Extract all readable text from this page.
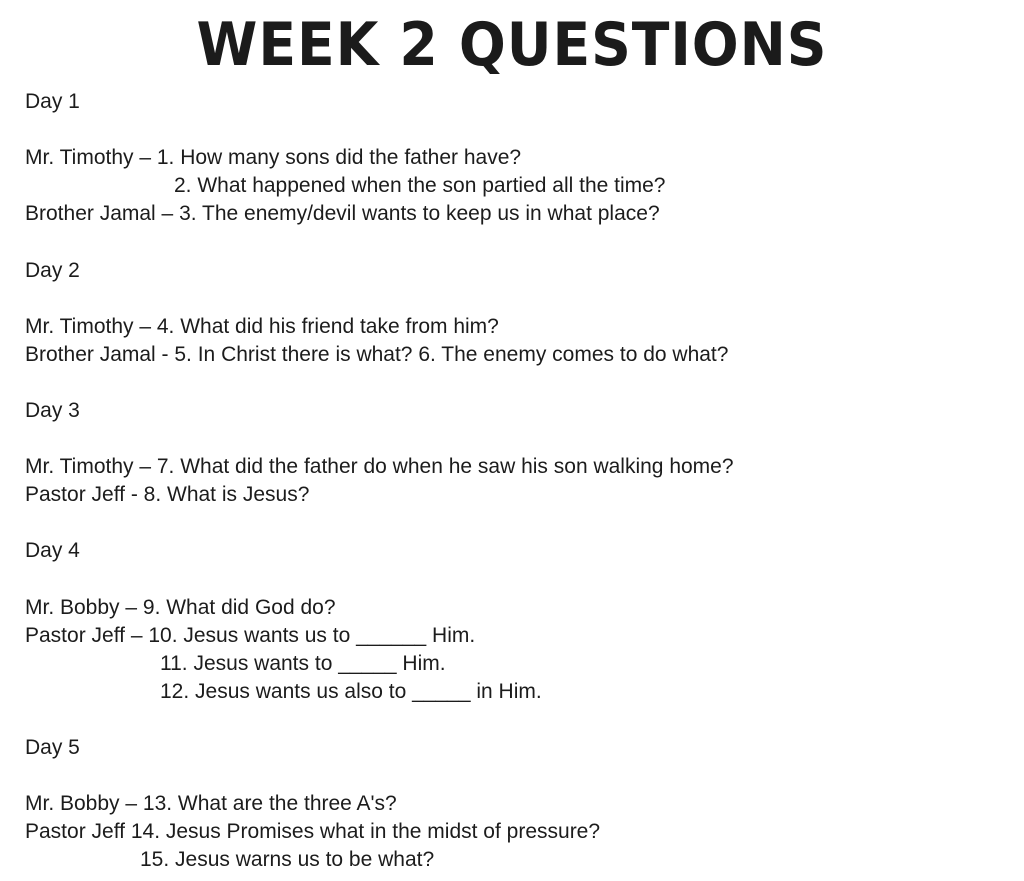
WEEK 2 QUESTIONS
Day 1
Mr. Timothy – 1. How many sons did the father have?
2. What happened when the son partied all the time?
Brother Jamal – 3. The enemy/devil wants to keep us in what place?
Day 2
Mr. Timothy – 4. What did his friend take from him?
Brother Jamal - 5. In Christ there is what? 6. The enemy comes to do what?
Day 3
Mr. Timothy – 7. What did the father do when he saw his son walking home?
Pastor Jeff - 8. What is Jesus?
Day 4
Mr. Bobby – 9. What did God do?
Pastor Jeff – 10. Jesus wants us to ______ Him.
11. Jesus wants to _____ Him.
12. Jesus wants us also to _____ in Him.
Day 5
Mr. Bobby – 13. What are the three A's?
Pastor Jeff 14. Jesus Promises what in the midst of pressure?
15. Jesus warns us to be what?
